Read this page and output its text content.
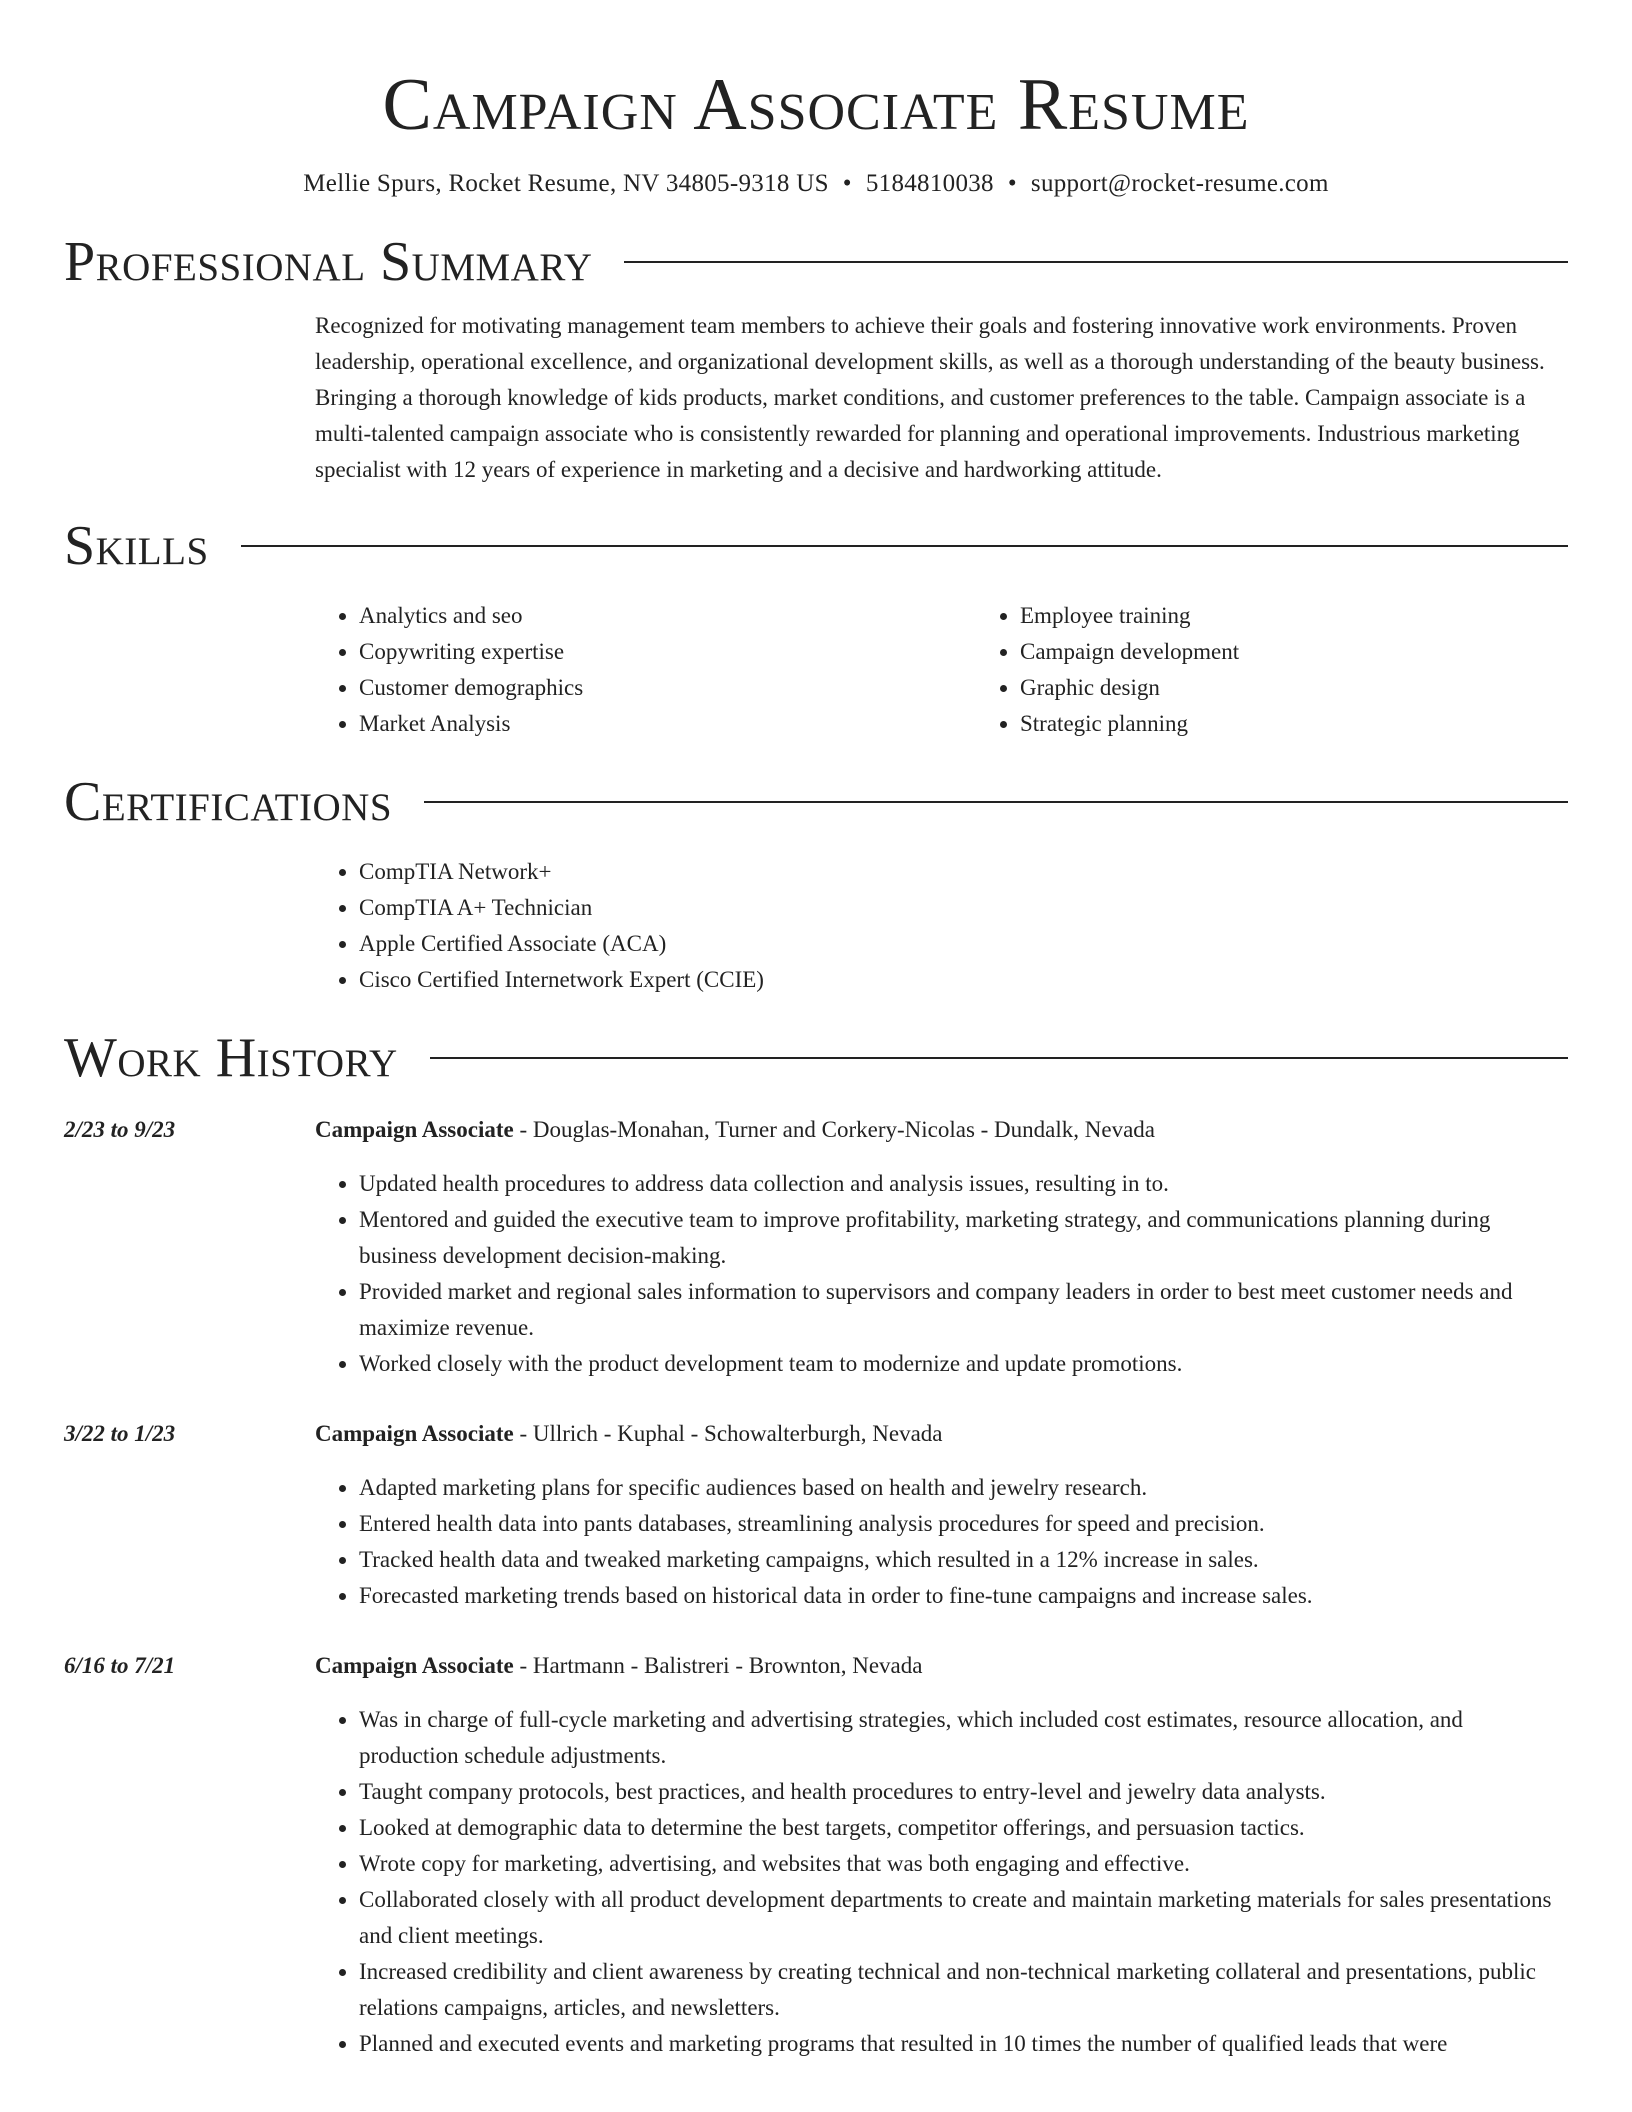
Campaign Associate Resume
Mellie Spurs, Rocket Resume, NV 34805-9318 US • 5184810038 • support@rocket-resume.com
Professional Summary

Recognized for motivating management team members to achieve their goals and fostering innovative work environments. Proven leadership, operational excellence, and organizational development skills, as well as a thorough understanding of the beauty business. Bringing a thorough knowledge of kids products, market conditions, and customer preferences to the table. Campaign associate is a multi-talented campaign associate who is consistently rewarded for planning and operational improvements. Industrious marketing specialist with 12 years of experience in marketing and a decisive and hardworking attitude.

Skills
• Analytics and seo
• Copywriting expertise
• Customer demographics
• Market Analysis
• Employee training
• Campaign development
• Graphic design
• Strategic planning
Certifications
• CompTIA Network+
• CompTIA A+ Technician
• Apple Certified Associate (ACA)
• Cisco Certified Internetwork Expert (CCIE)
Work History
2/23 to 9/23	Campaign Associate - Douglas-Monahan, Turner and Corkery-Nicolas - Dundalk, Nevada
• Updated health procedures to address data collection and analysis issues, resulting in to.
• Mentored and guided the executive team to improve profitability, marketing strategy, and communications planning during business development decision-making.
• Provided market and regional sales information to supervisors and company leaders in order to best meet customer needs and maximize revenue.
• Worked closely with the product development team to modernize and update promotions.
3/22 to 1/23	Campaign Associate - Ullrich - Kuphal - Schowalterburgh, Nevada
• Adapted marketing plans for specific audiences based on health and jewelry research.
• Entered health data into pants databases, streamlining analysis procedures for speed and precision.
• Tracked health data and tweaked marketing campaigns, which resulted in a 12% increase in sales.
• Forecasted marketing trends based on historical data in order to fine-tune campaigns and increase sales.
6/16 to 7/21	Campaign Associate - Hartmann - Balistreri - Brownton, Nevada
• Was in charge of full-cycle marketing and advertising strategies, which included cost estimates, resource allocation, and production schedule adjustments.
• Taught company protocols, best practices, and health procedures to entry-level and jewelry data analysts.
• Looked at demographic data to determine the best targets, competitor offerings, and persuasion tactics.
• Wrote copy for marketing, advertising, and websites that was both engaging and effective.
• Collaborated closely with all product development departments to create and maintain marketing materials for sales presentations and client meetings.
• Increased credibility and client awareness by creating technical and non-technical marketing collateral and presentations, public relations campaigns, articles, and newsletters.
• Planned and executed events and marketing programs that resulted in 10 times the number of qualified leads that were
